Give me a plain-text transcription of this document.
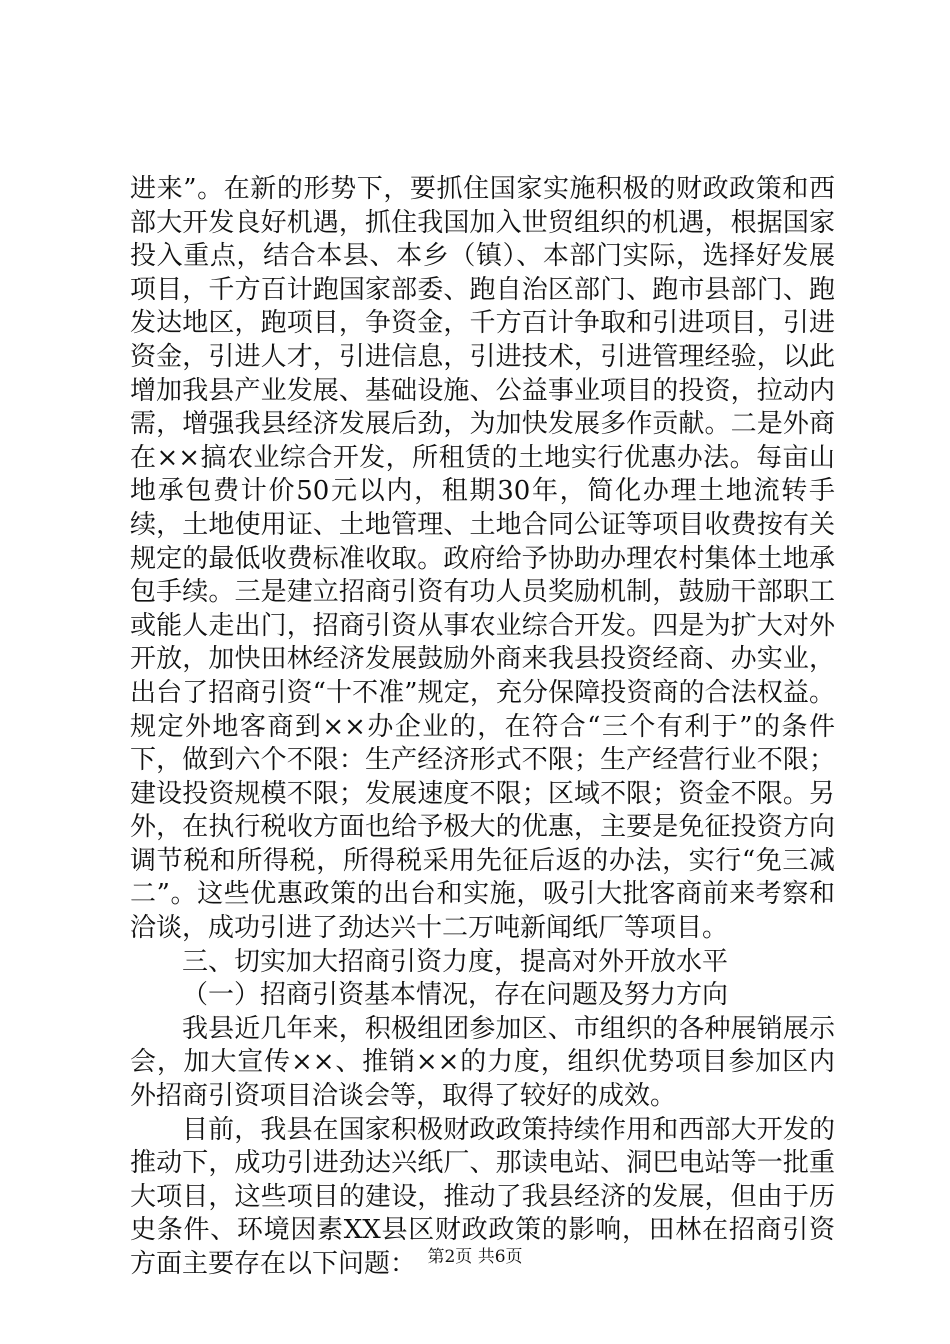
进来”。在新的形势下，要抓住国家实施积极的财政政策和西部大开发良好机遇，抓住我国加入世贸组织的机遇，根据国家投入重点，结合本县、本乡（镇）、本部门实际，选择好发展项目，千方百计跑国家部委、跑自治区部门、跑市县部门、跑发达地区，跑项目，争资金，千方百计争取和引进项目，引进资金，引进人才，引进信息，引进技术，引进管理经验，以此增加我县产业发展、基础设施、公益事业项目的投资，拉动内需，增强我县经济发展后劲，为加快发展多作贡献。二是外商在××搞农业综合开发，所租赁的土地实行优惠办法。每亩山地承包费计价50元以内，租期30年，简化办理土地流转手续，土地使用证、土地管理、土地合同公证等项目收费按有关规定的最低收费标准收取。政府给予协助办理农村集体土地承包手续。三是建立招商引资有功人员奖励机制，鼓励干部职工或能人走出门，招商引资从事农业综合开发。四是为扩大对外开放，加快田林经济发展鼓励外商来我县投资经商、办实业，出台了招商引资“十不准”规定，充分保障投资商的合法权益。规定外地客商到××办企业的，在符合“三个有利于”的条件下，做到六个不限：生产经济形式不限；生产经营行业不限；建设投资规模不限；发展速度不限；区域不限；资金不限。另外，在执行税收方面也给予极大的优惠，主要是免征投资方向调节税和所得税，所得税采用先征后返的办法，实行“免三减二”。这些优惠政策的出台和实施，吸引大批客商前来考察和洽谈，成功引进了劲达兴十二万吨新闻纸厂等项目。

三、切实加大招商引资力度，提高对外开放水平

（一）招商引资基本情况，存在问题及努力方向

我县近几年来，积极组团参加区、市组织的各种展销展示会，加大宣传××、推销××的力度，组织优势项目参加区内外招商引资项目洽谈会等，取得了较好的成效。

目前，我县在国家积极财政政策持续作用和西部大开发的推动下，成功引进劲达兴纸厂、那读电站、洞巴电站等一批重大项目，这些项目的建设，推动了我县经济的发展，但由于历史条件、环境因素XX县区财政政策的影响，田林在招商引资方面主要存在以下问题： 第2页 共6页
